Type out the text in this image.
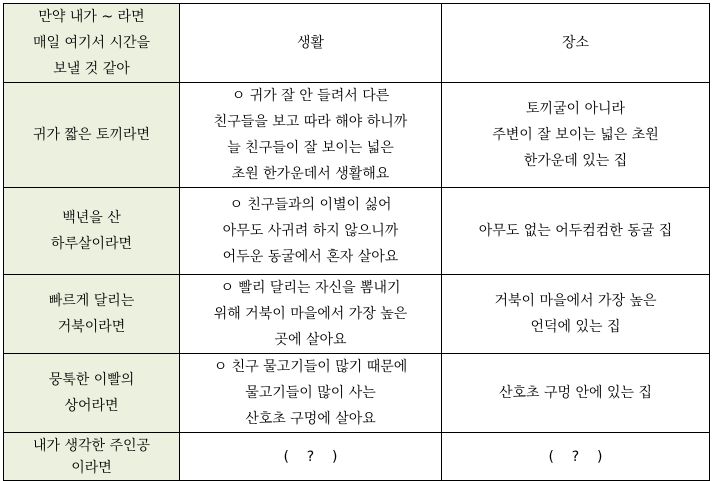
만약 내가 ~ 라면
매일 여기서 시간을
보낼 것 같아	생활	장소

귀가 짧은 토끼라면	ㅇ 귀가 잘 안 들려서 다른
친구들을 보고 따라 해야 하니까
늘 친구들이 잘 보이는 넓은
초원 한가운데서 생활해요	토끼굴이 아니라
주변이 잘 보이는 넓은 초원
한가운데 있는 집

백년을 산
하루살이라면	ㅇ 친구들과의 이별이 싫어
아무도 사귀려 하지 않으니까
어두운 동굴에서 혼자 살아요	아무도 없는 어두컴컴한 동굴 집

빠르게 달리는
거북이라면	ㅇ 빨리 달리는 자신을 뽐내기
위해 거북이 마을에서 가장 높은
곳에 살아요	거북이 마을에서 가장 높은
언덕에 있는 집

뭉툭한 이빨의
상어라면	ㅇ 친구 물고기들이 많기 때문에
물고기들이 많이 사는
산호초 구멍에 살아요	산호초 구멍 안에 있는 집

내가 생각한 주인공
이라면	(    ?    )	(    ?    )
